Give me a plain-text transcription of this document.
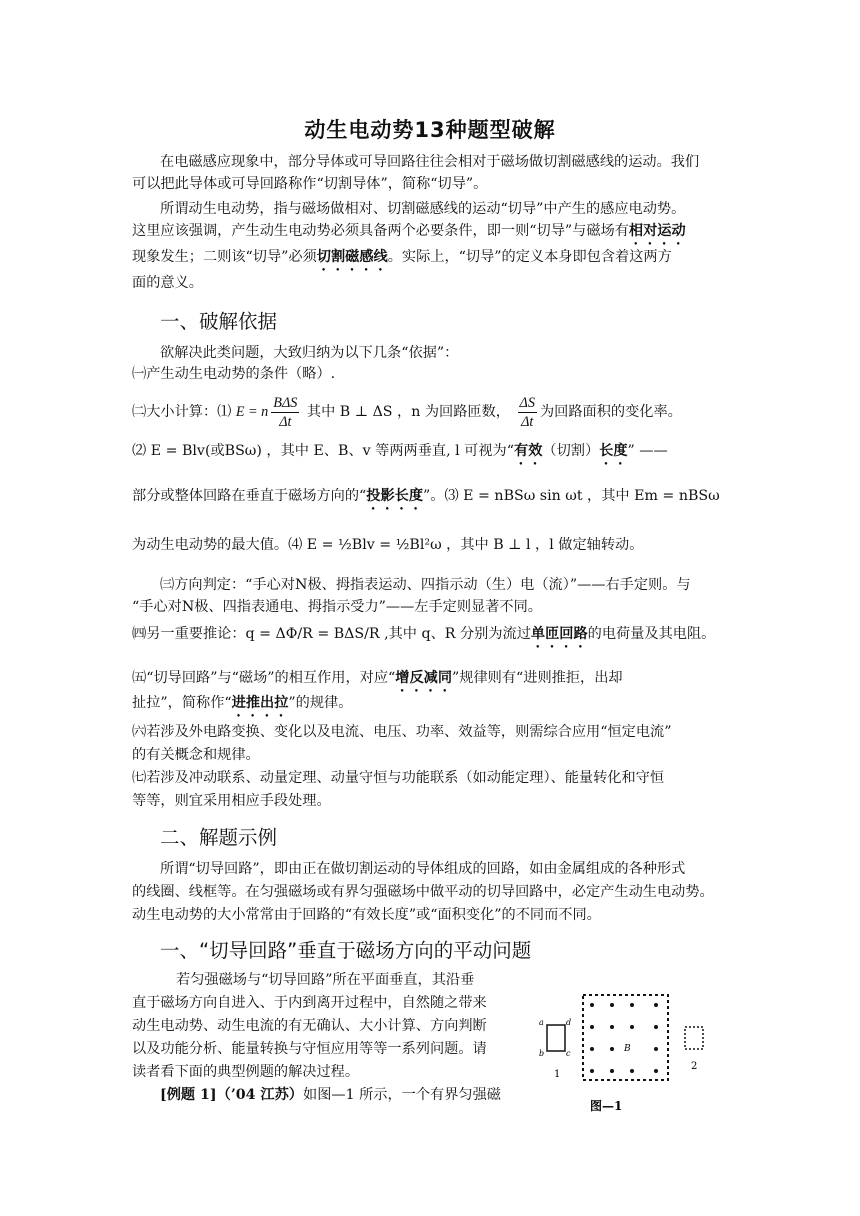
动生电动势13种题型破解
在电磁感应现象中，部分导体或可导回路往往会相对于磁场做切割磁感线的运动。我们
可以把此导体或可导回路称作“切割导体”，简称“切导”。
所谓动生电动势，指与磁场做相对、切割磁感线的运动“切导”中产生的感应电动势。
这里应该强调，产生动生电动势必须具备两个必要条件，即一则“切导”与磁场有相对运动
现象发生；二则该“切导”必须切割磁感线。实际上，“切导”的定义本身即包含着这两方
面的意义。
一、破解依据
欲解决此类问题，大致归纳为以下几条“依据”：
㈠产生动生电动势的条件（略）.
㈡大小计算：⑴ E = n $\frac{\text{BΔS}}{\Delta t}$ 其中 B ⊥ ΔS ，n 为回路匝数， $\frac{\Delta S}{\Delta t}$ 为回路面积的变化率。
⑵ E = Blv(或BSω) ，其中 E、B、v 等两两垂直, l 可视为“有效（切割）长度” ——
部分或整体回路在垂直于磁场方向的“投影长度”。⑶ E = nBSω sin ωt ，其中 Em = nBSω
为动生电动势的最大值。⑷ E = ½Blv = ½Bl²ω ，其中 B ⊥ l ，l 做定轴转动。
㈢方向判定：“手心对N极、拇指表运动、四指示动（生）电（流）”——右手定则。与
“手心对N极、四指表通电、拇指示受力”——左手定则显著不同。
㈣另一重要推论：q = ΔΦ/R = BΔS/R ,其中 q、R 分别为流过单匝回路的电荷量及其电阻。
㈤“切导回路”与“磁场”的相互作用，对应“增反减同”规律则有“进则推拒，出却
扯拉”，简称作“进推出拉”的规律。
㈥若涉及外电路变换、变化以及电流、电压、功率、效益等，则需综合应用“恒定电流”
的有关概念和规律。
㈦若涉及冲动联系、动量定理、动量守恒与功能联系（如动能定理）、能量转化和守恒
等等，则宜采用相应手段处理。
二、解题示例
所谓“切导回路”，即由正在做切割运动的导体组成的回路，如由金属组成的各种形式
的线圈、线框等。在匀强磁场或有界匀强磁场中做平动的切导回路中，必定产生动生电动势。
动生电动势的大小常常由于回路的“有效长度”或“面积变化”的不同而不同。
一、“切导回路”垂直于磁场方向的平动问题
若匀强磁场与“切导回路”所在平面垂直，其沿垂
直于磁场方向自进入、于内到离开过程中，自然随之带来
动生电动势、动生电流的有无确认、大小计算、方向判断
以及功能分析、能量转换与守恒应用等等一系列问题。请
读者看下面的典型例题的解决过程。
[例题 1]（’04 江苏）如图—1 所示，一个有界匀强磁
a	d
b	c	B
1
2
图—1
